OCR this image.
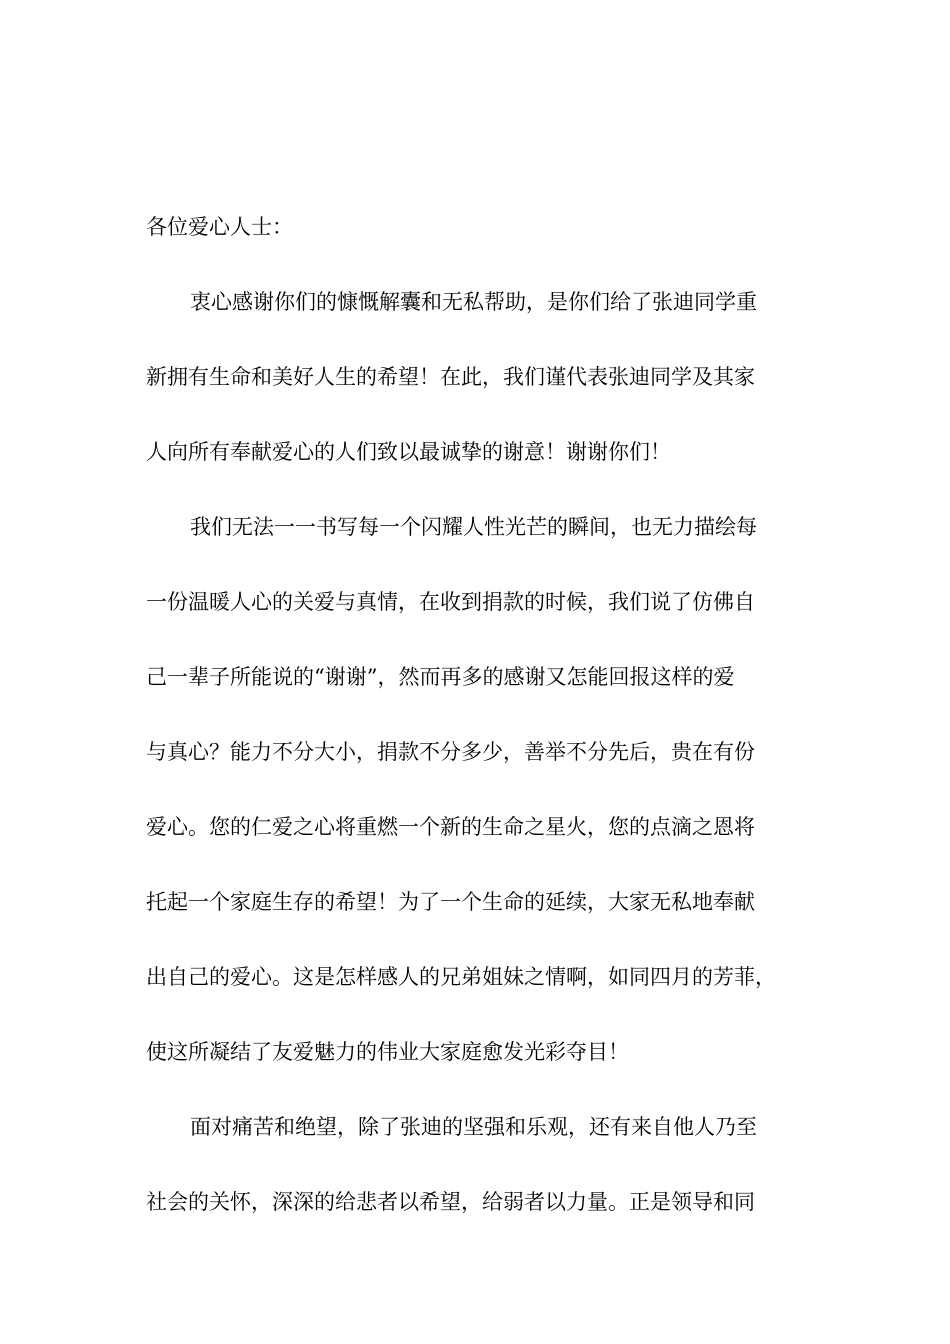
各位爱心人士：

衷心感谢你们的慷慨解囊和无私帮助，是你们给了张迪同学重

新拥有生命和美好人生的希望！在此，我们谨代表张迪同学及其家

人向所有奉献爱心的人们致以最诚挚的谢意！谢谢你们！

我们无法一一书写每一个闪耀人性光芒的瞬间，也无力描绘每

一份温暖人心的关爱与真情，在收到捐款的时候，我们说了仿佛自

己一辈子所能说的“谢谢”，然而再多的感谢又怎能回报这样的爱

与真心？能力不分大小，捐款不分多少，善举不分先后，贵在有份

爱心。您的仁爱之心将重燃一个新的生命之星火，您的点滴之恩将

托起一个家庭生存的希望！为了一个生命的延续，大家无私地奉献

出自己的爱心。这是怎样感人的兄弟姐妹之情啊，如同四月的芳菲，

使这所凝结了友爱魅力的伟业大家庭愈发光彩夺目！

面对痛苦和绝望，除了张迪的坚强和乐观，还有来自他人乃至

社会的关怀，深深的给悲者以希望，给弱者以力量。正是领导和同
